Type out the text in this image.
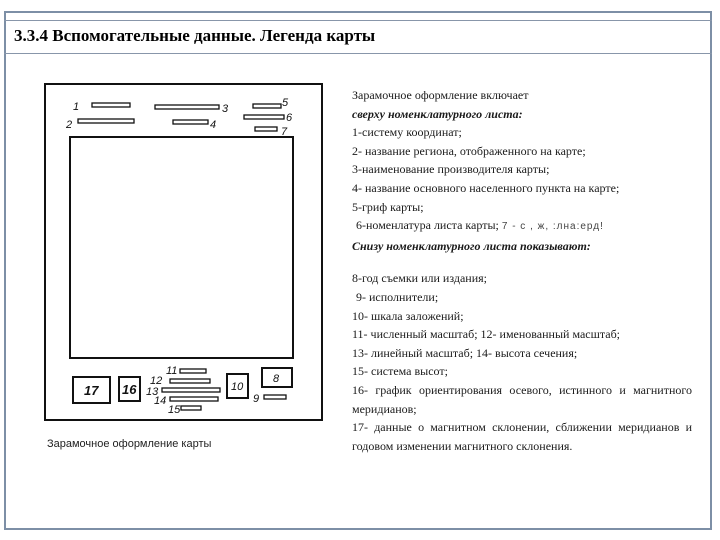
3.3.4 Вспомогательные данные. Легенда карты
1
2
3
4
5
6
7
17 16	10
8
11
12
13
14
15
9
Зарамочное оформление карты
Зарамочное оформление включает
сверху номенклатурного листа:
1-систему координат;
2- название региона, отображенного на карте;
3-наименование производителя карты;
4- название основного населенного пункта на карте;
5-гриф карты;
6-номенлатура листа карты; 7 - с , ж, :лна:ерд!
Снизу номенклатурного листа показывают:
8-год съемки или издания;
9- исполнители;
10- шкала заложений;
11- численный масштаб; 12- именованный масштаб;
13- линейный масштаб; 14- высота сечения;
15- система высот;
16- график ориентирования осевого, истинного и магнитного меридианов;
17- данные о магнитном склонении, сближении меридианов и годовом изменении магнитного склонения.
